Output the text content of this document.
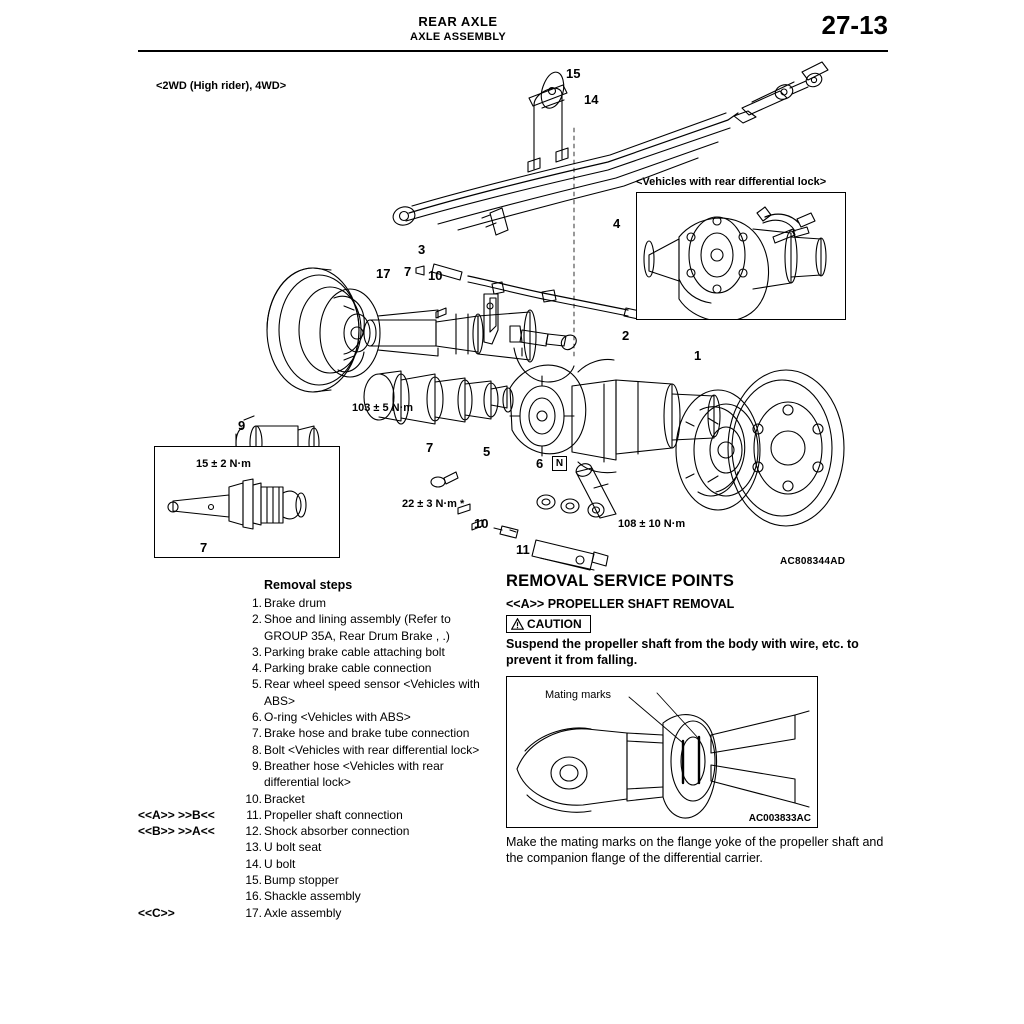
REAR AXLE
AXLE ASSEMBLY	27-13
<2WD (High rider), 4WD>
15
14
4
3
10
7
17
2
1
9
7	5
6
10
11
N
103 ± 5 N·m
22 ± 3 N·m *
108 ± 10 N·m
<Vehicles with rear differential lock>
15 ± 2 N·m
7
AC808344AD
Removal steps
1. Brake drum
2. Shoe and lining assembly (Refer to GROUP 35A, Rear Drum Brake , .)
3. Parking brake cable attaching bolt
4. Parking brake cable connection
5. Rear wheel speed sensor <Vehicles with ABS>
6. O-ring <Vehicles with ABS>
7. Brake hose and brake tube connection
8. Bolt <Vehicles with rear differential lock>
9. Breather hose <Vehicles with rear differential lock>
10. Bracket
<<A>> >>B<<	11. Propeller shaft connection
<<B>> >>A<<	12. Shock absorber connection
13. U bolt seat
14. U bolt
15. Bump stopper
16. Shackle assembly
<<C>>	17. Axle assembly
REMOVAL SERVICE POINTS
<<A>> PROPELLER SHAFT REMOVAL
CAUTION

Suspend the propeller shaft from the body with wire, etc. to prevent it from falling.

Mating marks
AC003833AC

Make the mating marks on the flange yoke of the propeller shaft and the companion flange of the differential carrier.
